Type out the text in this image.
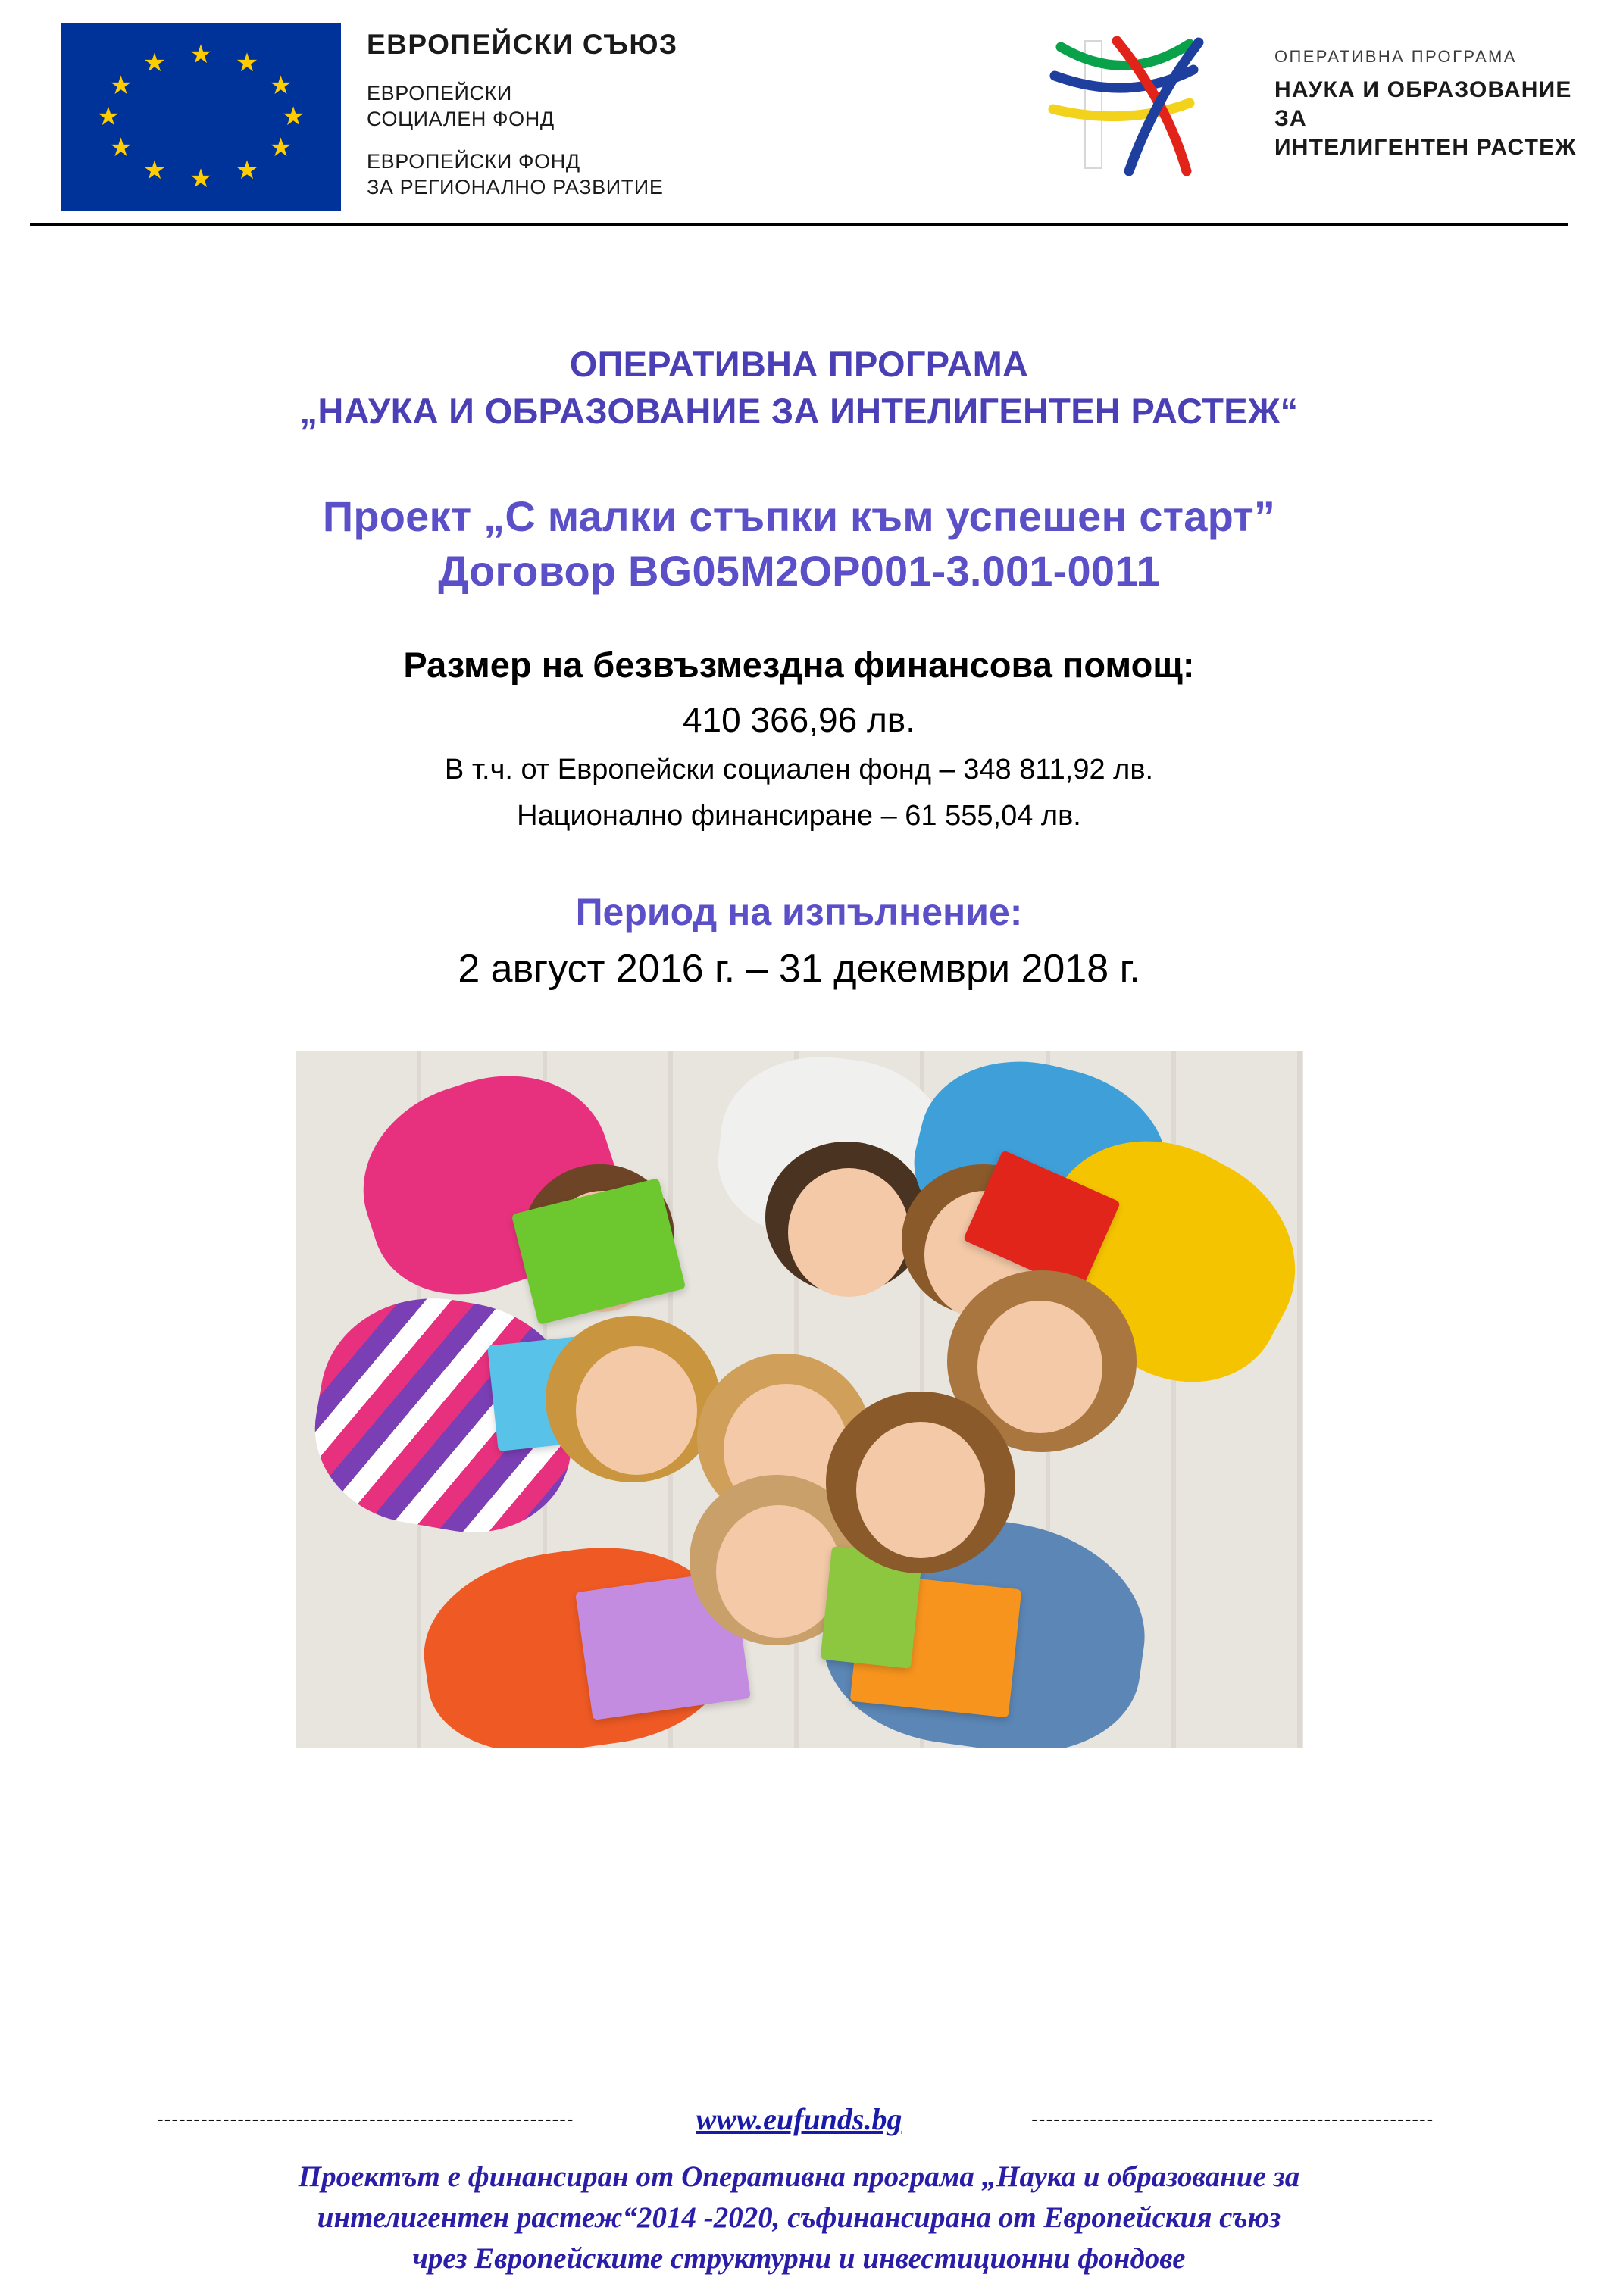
★ ★
★
★
★
★
★
★
★
★
★
★
ЕВРОПЕЙСКИ СЪЮЗ
ЕВРОПЕЙСКИ
СОЦИАЛЕН ФОНД
ЕВРОПЕЙСКИ ФОНД
ЗА РЕГИОНАЛНО РАЗВИТИЕ
ОПЕРАТИВНА ПРОГРАМА
НАУКА И ОБРАЗОВАНИЕ ЗА
ИНТЕЛИГЕНТЕН РАСТЕЖ
ОПЕРАТИВНА ПРОГРАМА
„НАУКА И ОБРАЗОВАНИЕ ЗА ИНТЕЛИГЕНТЕН РАСТЕЖ“
Проект „С малки стъпки към успешен старт”
Договор BG05M2OP001-3.001-0011
Размер на безвъзмездна финансова помощ:
410 366,96 лв.
В т.ч. от Европейски социален фонд – 348 811,92 лв.
Национално финансиране – 61 555,04 лв.
Период на изпълнение:
2 август 2016 г. – 31 декември 2018 г.
---------------------------------------------------------	www.eufunds.bg	-------------------------------------------------------
Проектът е финансиран от Оперативна програма „Наука и образование за
интелигентен растеж“2014 -2020, съфинансирана от Европейския съюз
чрез Европейските структурни и инвестиционни фондове
